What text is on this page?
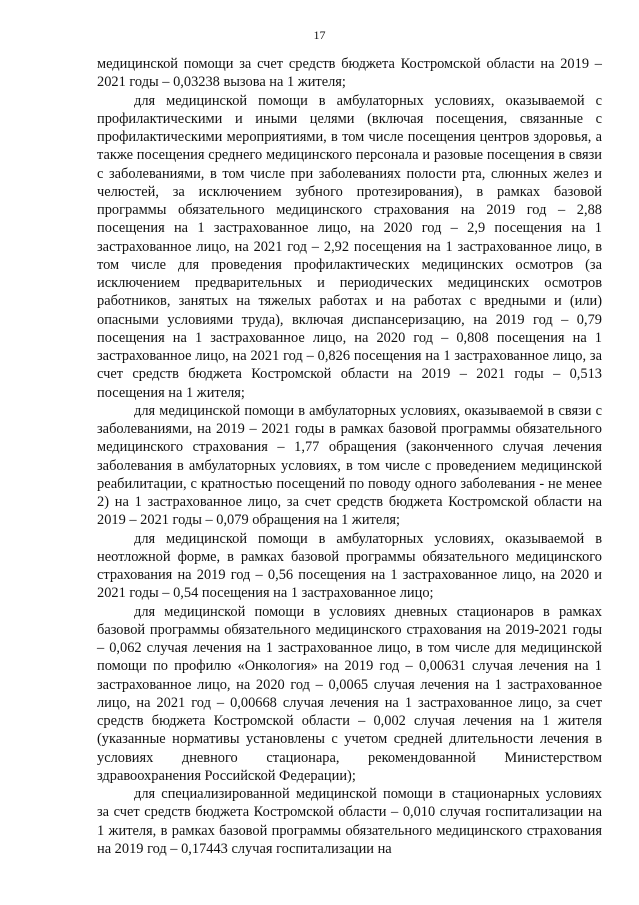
17

медицинской помощи за счет средств бюджета Костромской области на 2019 – 2021 годы – 0,03238 вызова на 1 жителя;

для медицинской помощи в амбулаторных условиях, оказываемой с профилактическими и иными целями (включая посещения, связанные с профилактическими мероприятиями, в том числе посещения центров здоровья, а также посещения среднего медицинского персонала и разовые посещения в связи с заболеваниями, в том числе при заболеваниях полости рта, слюнных желез и челюстей, за исключением зубного протезирования), в рамках базовой программы обязательного медицинского страхования на 2019 год – 2,88 посещения на 1 застрахованное лицо, на 2020 год – 2,9 посещения на 1 застрахованное лицо, на 2021 год – 2,92 посещения на 1 застрахованное лицо, в том числе для проведения профилактических медицинских осмотров (за исключением предварительных и периодических медицинских осмотров работников, занятых на тяжелых работах и на работах с вредными и (или) опасными условиями труда), включая диспансеризацию, на 2019 год – 0,79 посещения на 1 застрахованное лицо, на 2020 год – 0,808 посещения на 1 застрахованное лицо, на 2021 год – 0,826 посещения на 1 застрахованное лицо, за счет средств бюджета Костромской области на 2019 – 2021 годы – 0,513 посещения на 1 жителя;

для медицинской помощи в амбулаторных условиях, оказываемой в связи с заболеваниями, на 2019 – 2021 годы в рамках базовой программы обязательного медицинского страхования – 1,77 обращения (законченного случая лечения заболевания в амбулаторных условиях, в том числе с проведением медицинской реабилитации, с кратностью посещений по поводу одного заболевания - не менее 2) на 1 застрахованное лицо, за счет средств бюджета Костромской области на 2019 – 2021 годы – 0,079 обращения на 1 жителя;

для медицинской помощи в амбулаторных условиях, оказываемой в неотложной форме, в рамках базовой программы обязательного медицинского страхования на 2019 год – 0,56 посещения на 1 застрахованное лицо, на 2020 и 2021 годы – 0,54 посещения на 1 застрахованное лицо;

для медицинской помощи в условиях дневных стационаров в рамках базовой программы обязательного медицинского страхования на 2019-2021 годы – 0,062 случая лечения на 1 застрахованное лицо, в том числе для медицинской помощи по профилю «Онкология» на 2019 год – 0,00631 случая лечения на 1 застрахованное лицо, на 2020 год – 0,0065 случая лечения на 1 застрахованное лицо, на 2021 год – 0,00668 случая лечения на 1 застрахованное лицо, за счет средств бюджета Костромской области – 0,002 случая лечения на 1 жителя (указанные нормативы установлены с учетом средней длительности лечения в условиях дневного стационара, рекомендованной Министерством здравоохранения Российской Федерации);

для специализированной медицинской помощи в стационарных условиях за счет средств бюджета Костромской области – 0,010 случая госпитализации на 1 жителя, в рамках базовой программы обязательного медицинского страхования на 2019 год – 0,17443 случая госпитализации на
